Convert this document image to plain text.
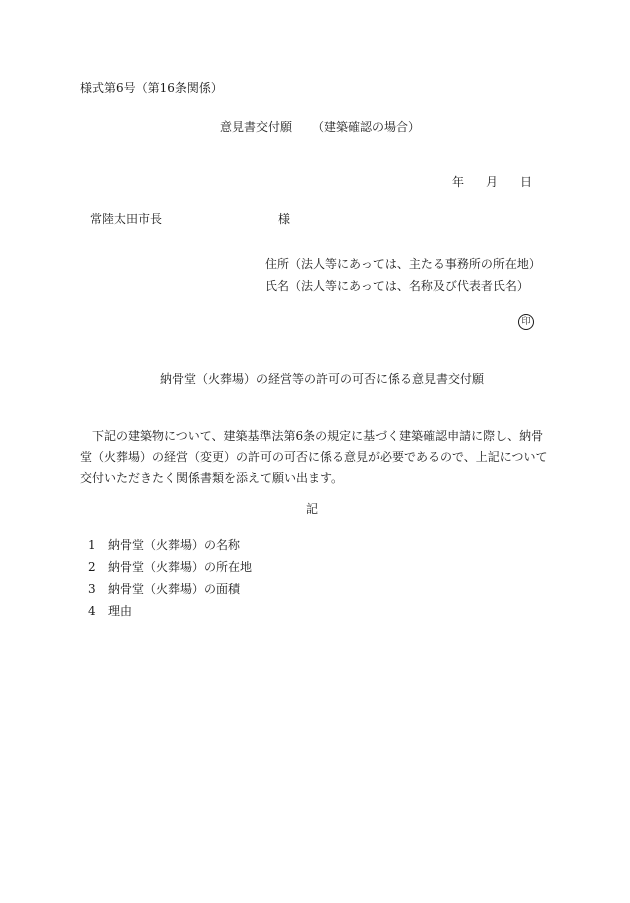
様式第6号（第16条関係）
意見書交付願 （建築確認の場合）
年 月 日
常陸太田市長	様
住所（法人等にあっては、主たる事務所の所在地）
氏名（法人等にあっては、名称及び代表者氏名）
印
納骨堂（火葬場）の経営等の許可の可否に係る意見書交付願
下記の建築物について、建築基準法第6条の規定に基づく建築確認申請に際し、納骨堂（火葬場）の経営（変更）の許可の可否に係る意見が必要であるので、上記について交付いただきたく関係書類を添えて願い出ます。
記
1 納骨堂（火葬場）の名称
2 納骨堂（火葬場）の所在地
3 納骨堂（火葬場）の面積
4 理由
